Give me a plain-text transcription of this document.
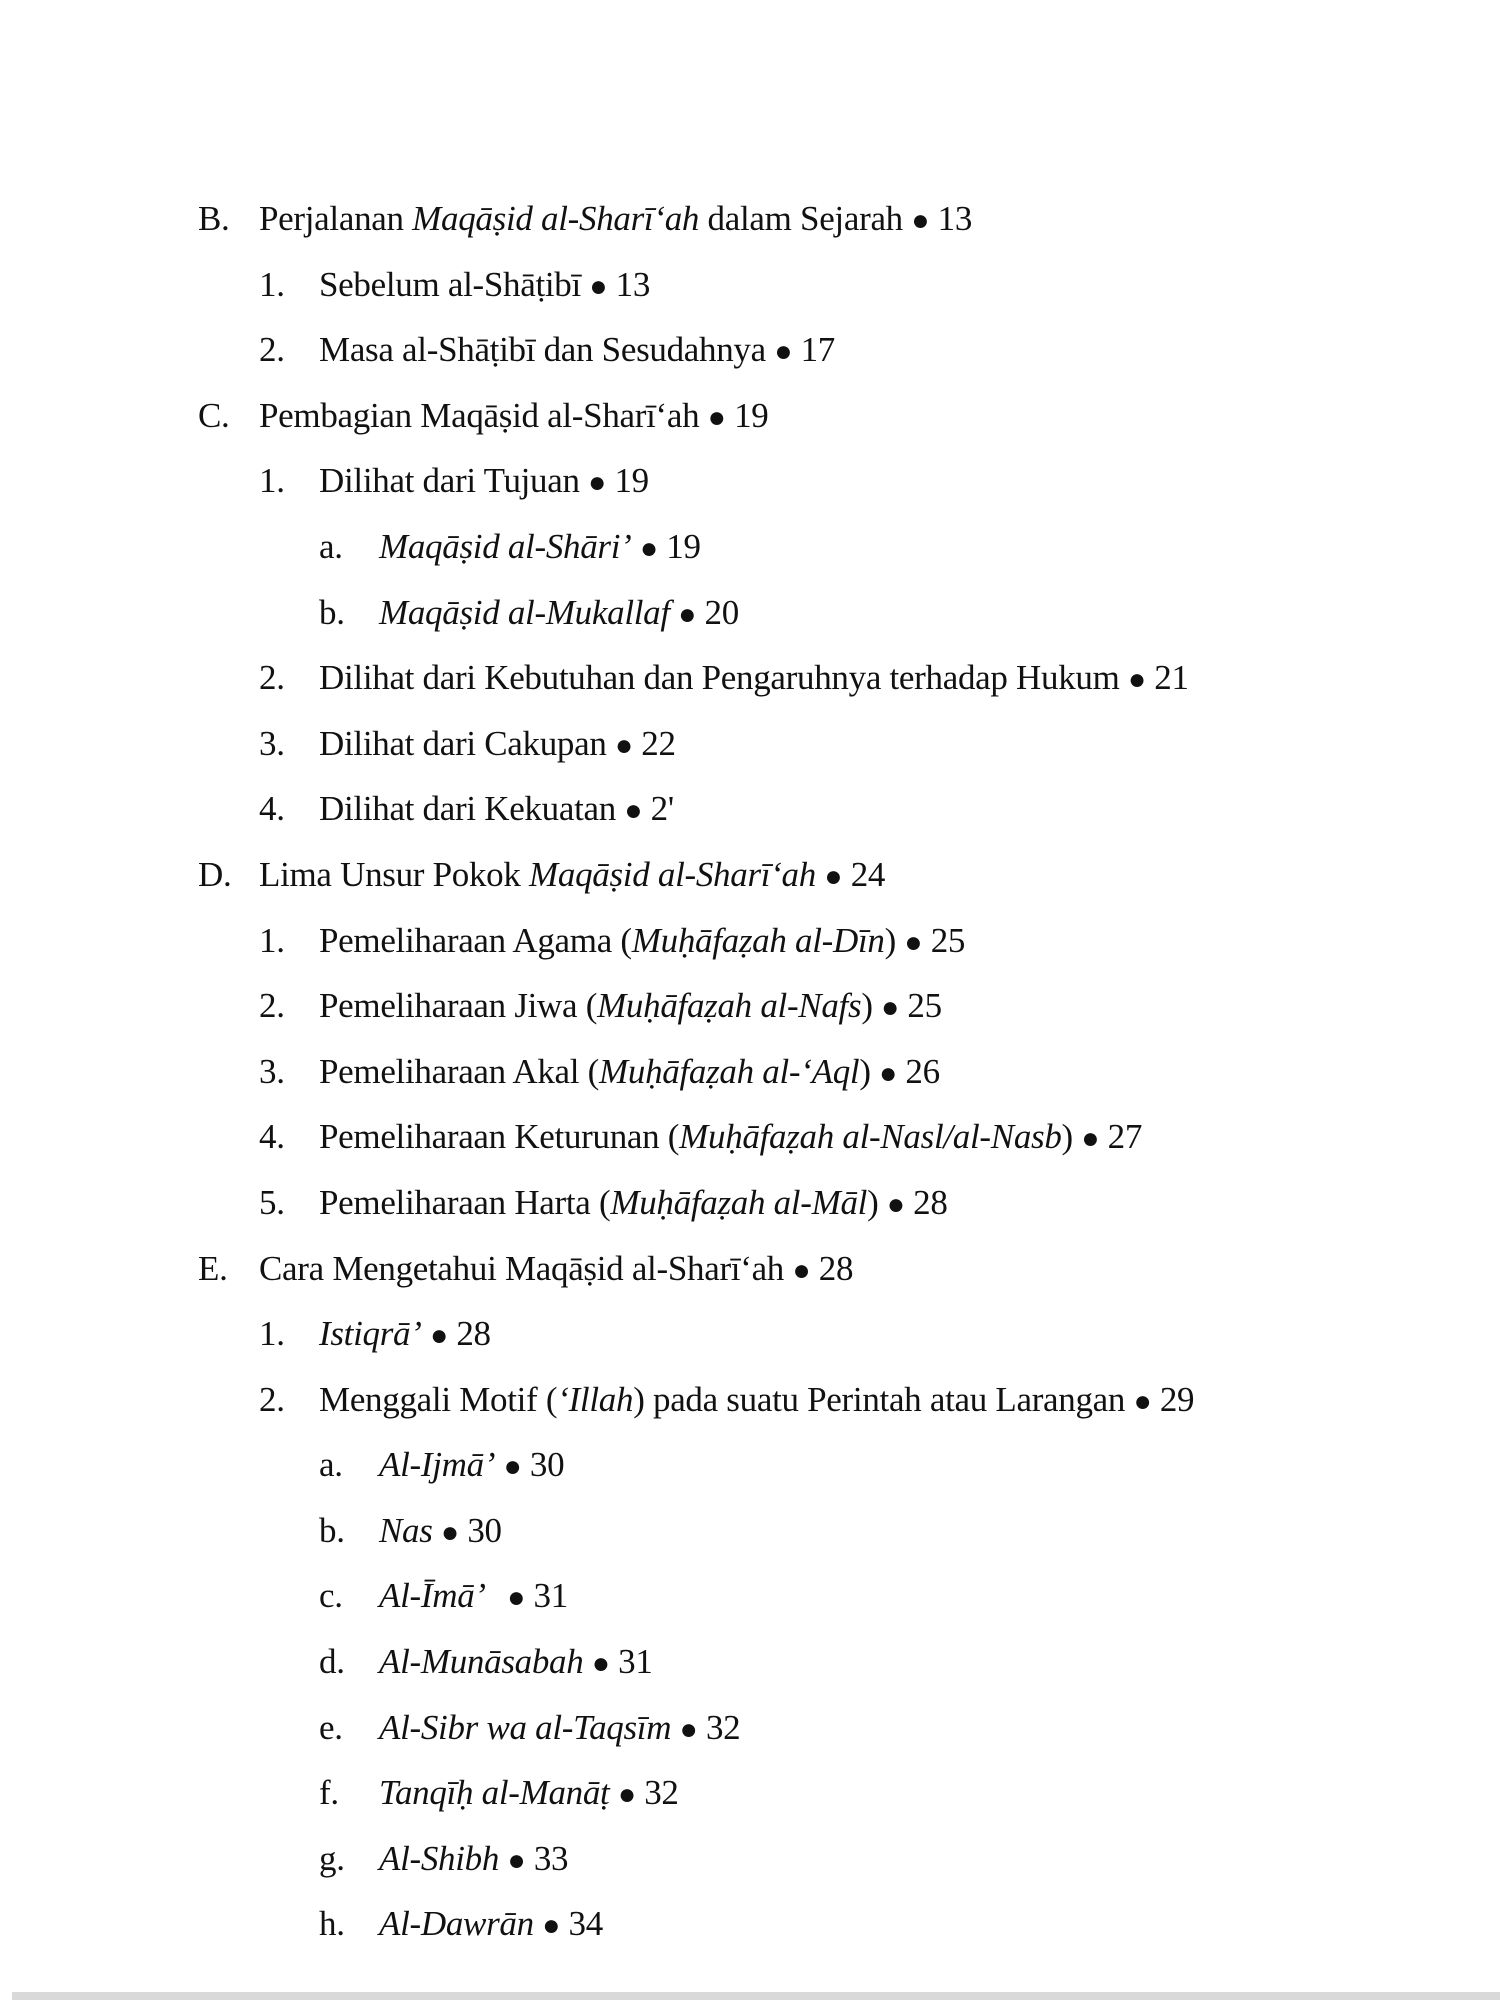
B. Perjalanan Maqāṣid al-Sharī‘ah dalam Sejarah ● 13
1. Sebelum al-Shāṭibī ● 13
2. Masa al-Shāṭibī dan Sesudahnya ● 17
C. Pembagian Maqāṣid al-Sharī‘ah ● 19
1. Dilihat dari Tujuan ● 19
a. Maqāṣid al-Shāri’ ● 19
b. Maqāṣid al-Mukallaf ● 20
2. Dilihat dari Kebutuhan dan Pengaruhnya terhadap Hukum ● 21
3. Dilihat dari Cakupan ● 22
4. Dilihat dari Kekuatan ● 2'
D. Lima Unsur Pokok Maqāṣid al-Sharī‘ah ● 24
1. Pemeliharaan Agama (Muḥāfaẓah al-Dīn) ● 25
2. Pemeliharaan Jiwa (Muḥāfaẓah al-Nafs) ● 25
3. Pemeliharaan Akal (Muḥāfaẓah al-‘Aql) ● 26
4. Pemeliharaan Keturunan (Muḥāfaẓah al-Nasl/al-Nasb) ● 27
5. Pemeliharaan Harta (Muḥāfaẓah al-Māl) ● 28
E. Cara Mengetahui Maqāṣid al-Sharī‘ah ● 28
1. Istiqrā’ ● 28
2. Menggali Motif (‘Illah) pada suatu Perintah atau Larangan ● 29
a. Al-Ijmā’ ● 30
b. Nas ● 30
c. Al-Īmā’   ● 31
d. Al-Munāsabah ● 31
e. Al-Sibr wa al-Taqsīm ● 32
f. Tanqīḥ al-Manāṭ ● 32
g. Al-Shibh ● 33
h. Al-Dawrān ● 34
